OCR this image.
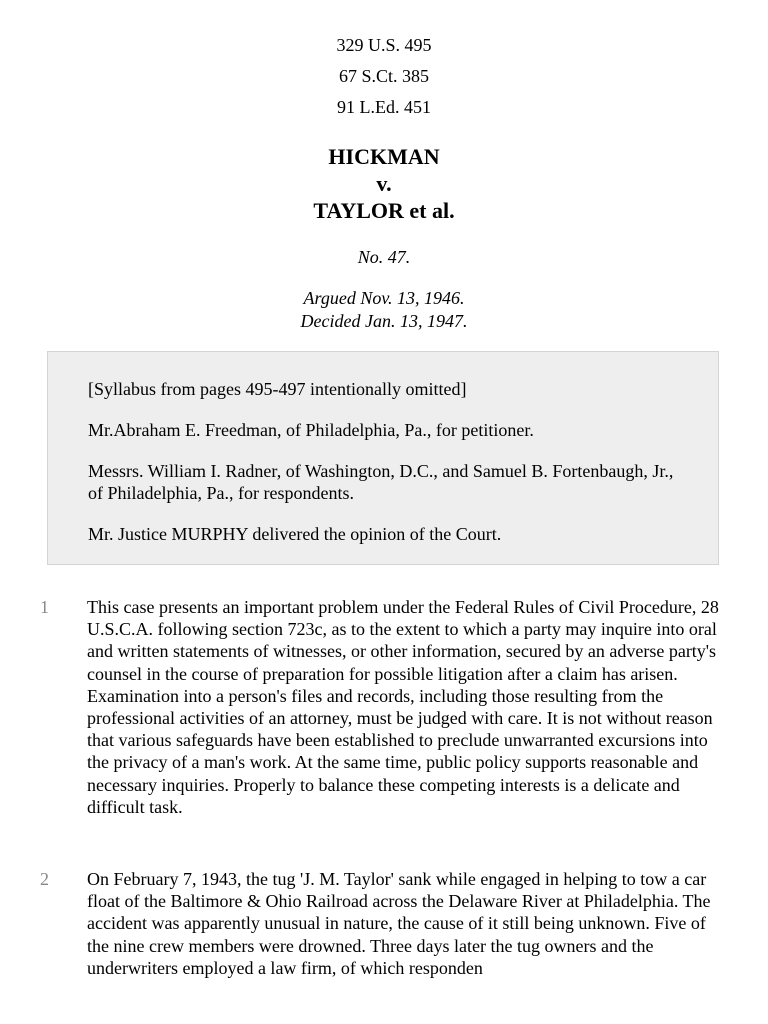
329 U.S. 495
67 S.Ct. 385
91 L.Ed. 451
HICKMAN
v.
TAYLOR et al.
No. 47.
Argued Nov. 13, 1946.
Decided Jan. 13, 1947.

[Syllabus from pages 495-497 intentionally omitted]

Mr.Abraham E. Freedman, of Philadelphia, Pa., for petitioner.

Messrs. William I. Radner, of Washington, D.C., and Samuel B. Fortenbaugh, Jr., of Philadelphia, Pa., for respondents.

Mr. Justice MURPHY delivered the opinion of the Court.

1 This case presents an important problem under the Federal Rules of Civil Procedure, 28 U.S.C.A. following section 723c, as to the extent to which a party may inquire into oral and written statements of witnesses, or other information, secured by an adverse party's counsel in the course of preparation for possible litigation after a claim has arisen. Examination into a person's files and records, including those resulting from the professional activities of an attorney, must be judged with care. It is not without reason that various safeguards have been established to preclude unwarranted excursions into the privacy of a man's work. At the same time, public policy supports reasonable and necessary inquiries. Properly to balance these competing interests is a delicate and difficult task.
2 On February 7, 1943, the tug 'J. M. Taylor' sank while engaged in helping to tow a car float of the Baltimore & Ohio Railroad across the Delaware River at Philadelphia. The accident was apparently unusual in nature, the cause of it still being unknown. Five of the nine crew members were drowned. Three days later the tug owners and the underwriters employed a law firm, of which responden
